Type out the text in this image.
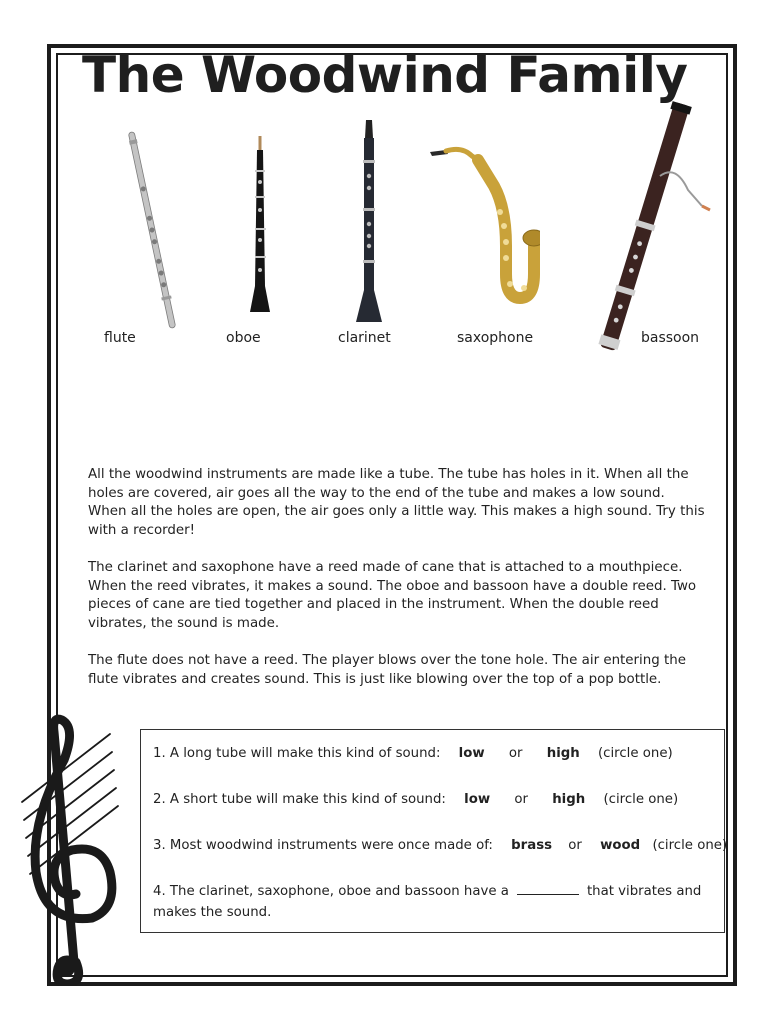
The Woodwind Family
flute	oboe	clarinet	saxophone	bassoon

All the woodwind instruments are made like a tube. The tube has holes in it. When all the holes are covered, air goes all the way to the end of the tube and makes a low sound. When all the holes are open, the air goes only a little way. This makes a high sound. Try this with a recorder!

The clarinet and saxophone have a reed made of cane that is attached to a mouthpiece. When the reed vibrates, it makes a sound. The oboe and bassoon have a double reed. Two pieces of cane are tied together and placed in the instrument. When the double reed vibrates, the sound is made.

The flute does not have a reed. The player blows over the tone hole. The air entering the flute vibrates and creates sound. This is just like blowing over the top of a pop bottle.

1. A long tube will make this kind of sound: low or high (circle one)

2. A short tube will make this kind of sound: low or high (circle one)

3. Most woodwind instruments were once made of: brass or wood (circle one)

4. The clarinet, saxophone, oboe and bassoon have a	that vibrates and makes the sound.
